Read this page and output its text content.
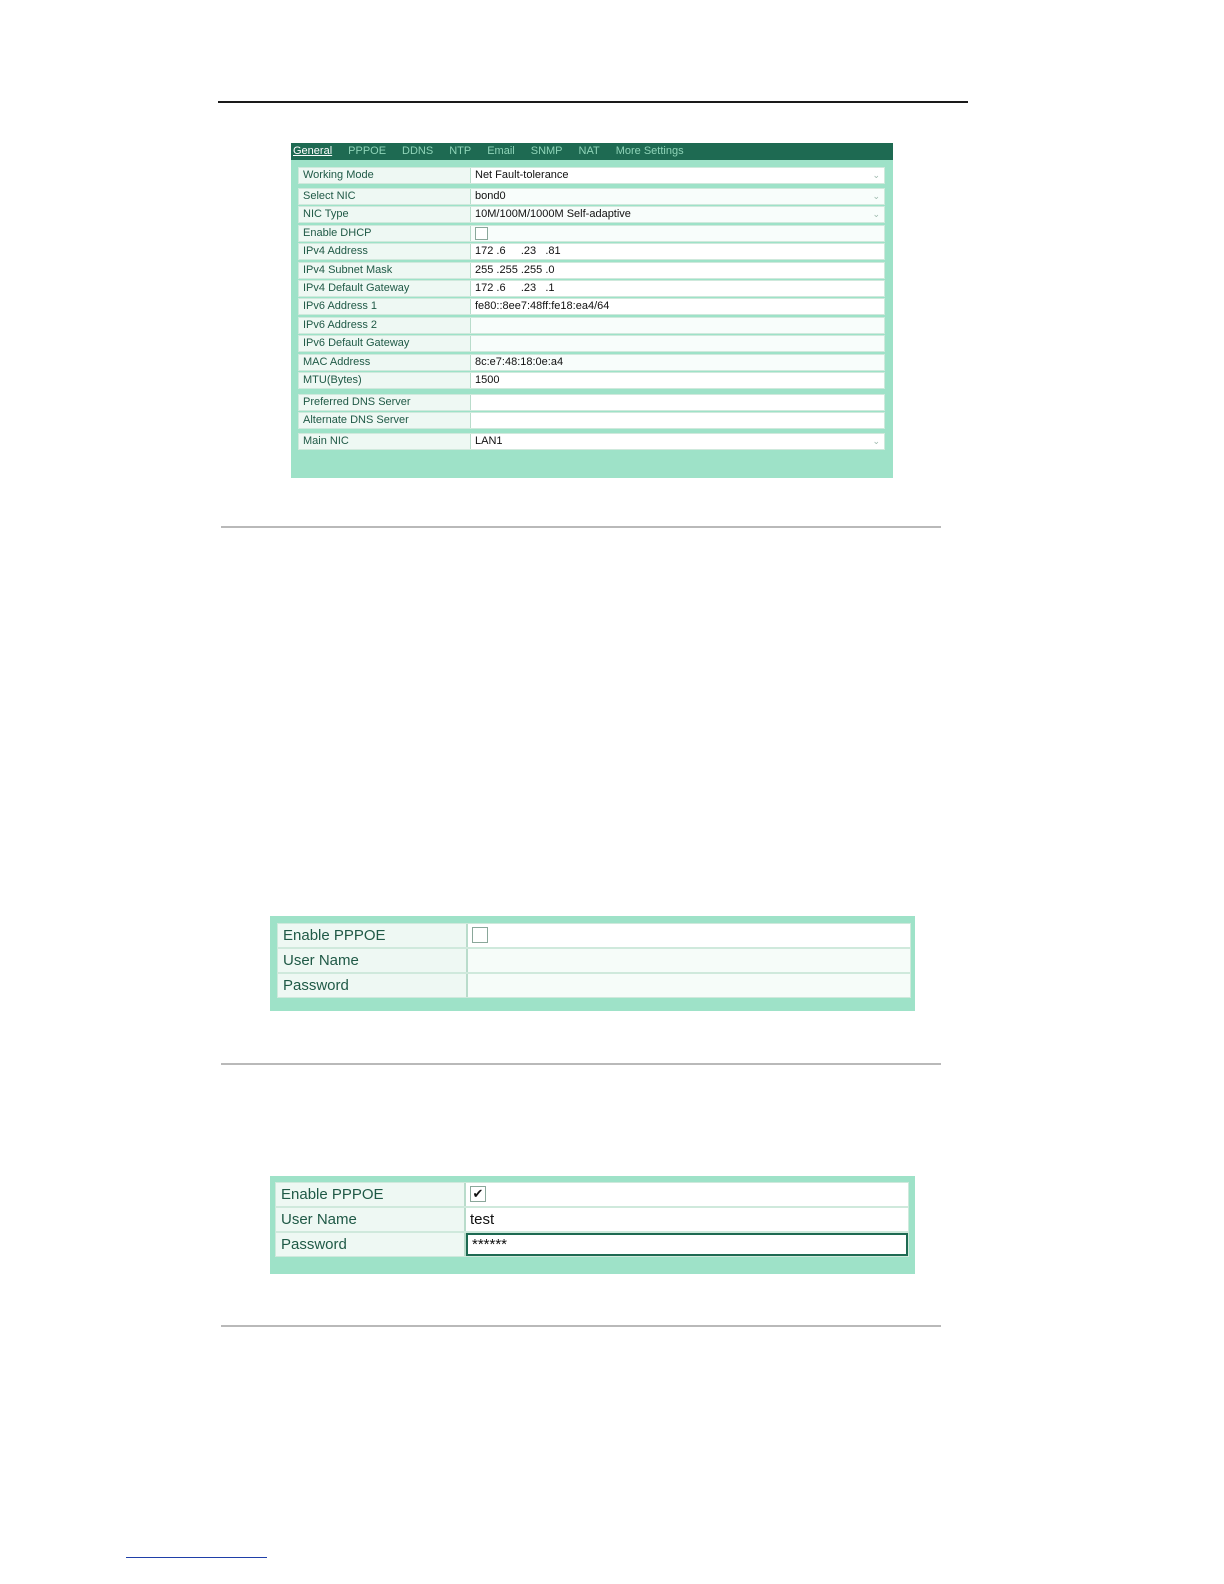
General PPPOE DDNS NTP Email SNMP NAT More Settings
Working Mode	Net Fault-tolerance	⌄
Select NIC	bond0	⌄
NIC Type	10M/100M/1000M Self-adaptive	⌄
Enable DHCP
IPv4 Address	172 .6     .23   .81
IPv4 Subnet Mask	255 .255 .255 .0
IPv4 Default Gateway	172 .6     .23   .1
IPv6 Address 1	fe80::8ee7:48ff:fe18:ea4/64
IPv6 Address 2
IPv6 Default Gateway
MAC Address	8c:e7:48:18:0e:a4
MTU(Bytes)	1500
Preferred DNS Server
Alternate DNS Server
Main NIC	LAN1	⌄
Enable PPPOE
User Name
Password
Enable PPPOE	✔
User Name	test
Password	******
